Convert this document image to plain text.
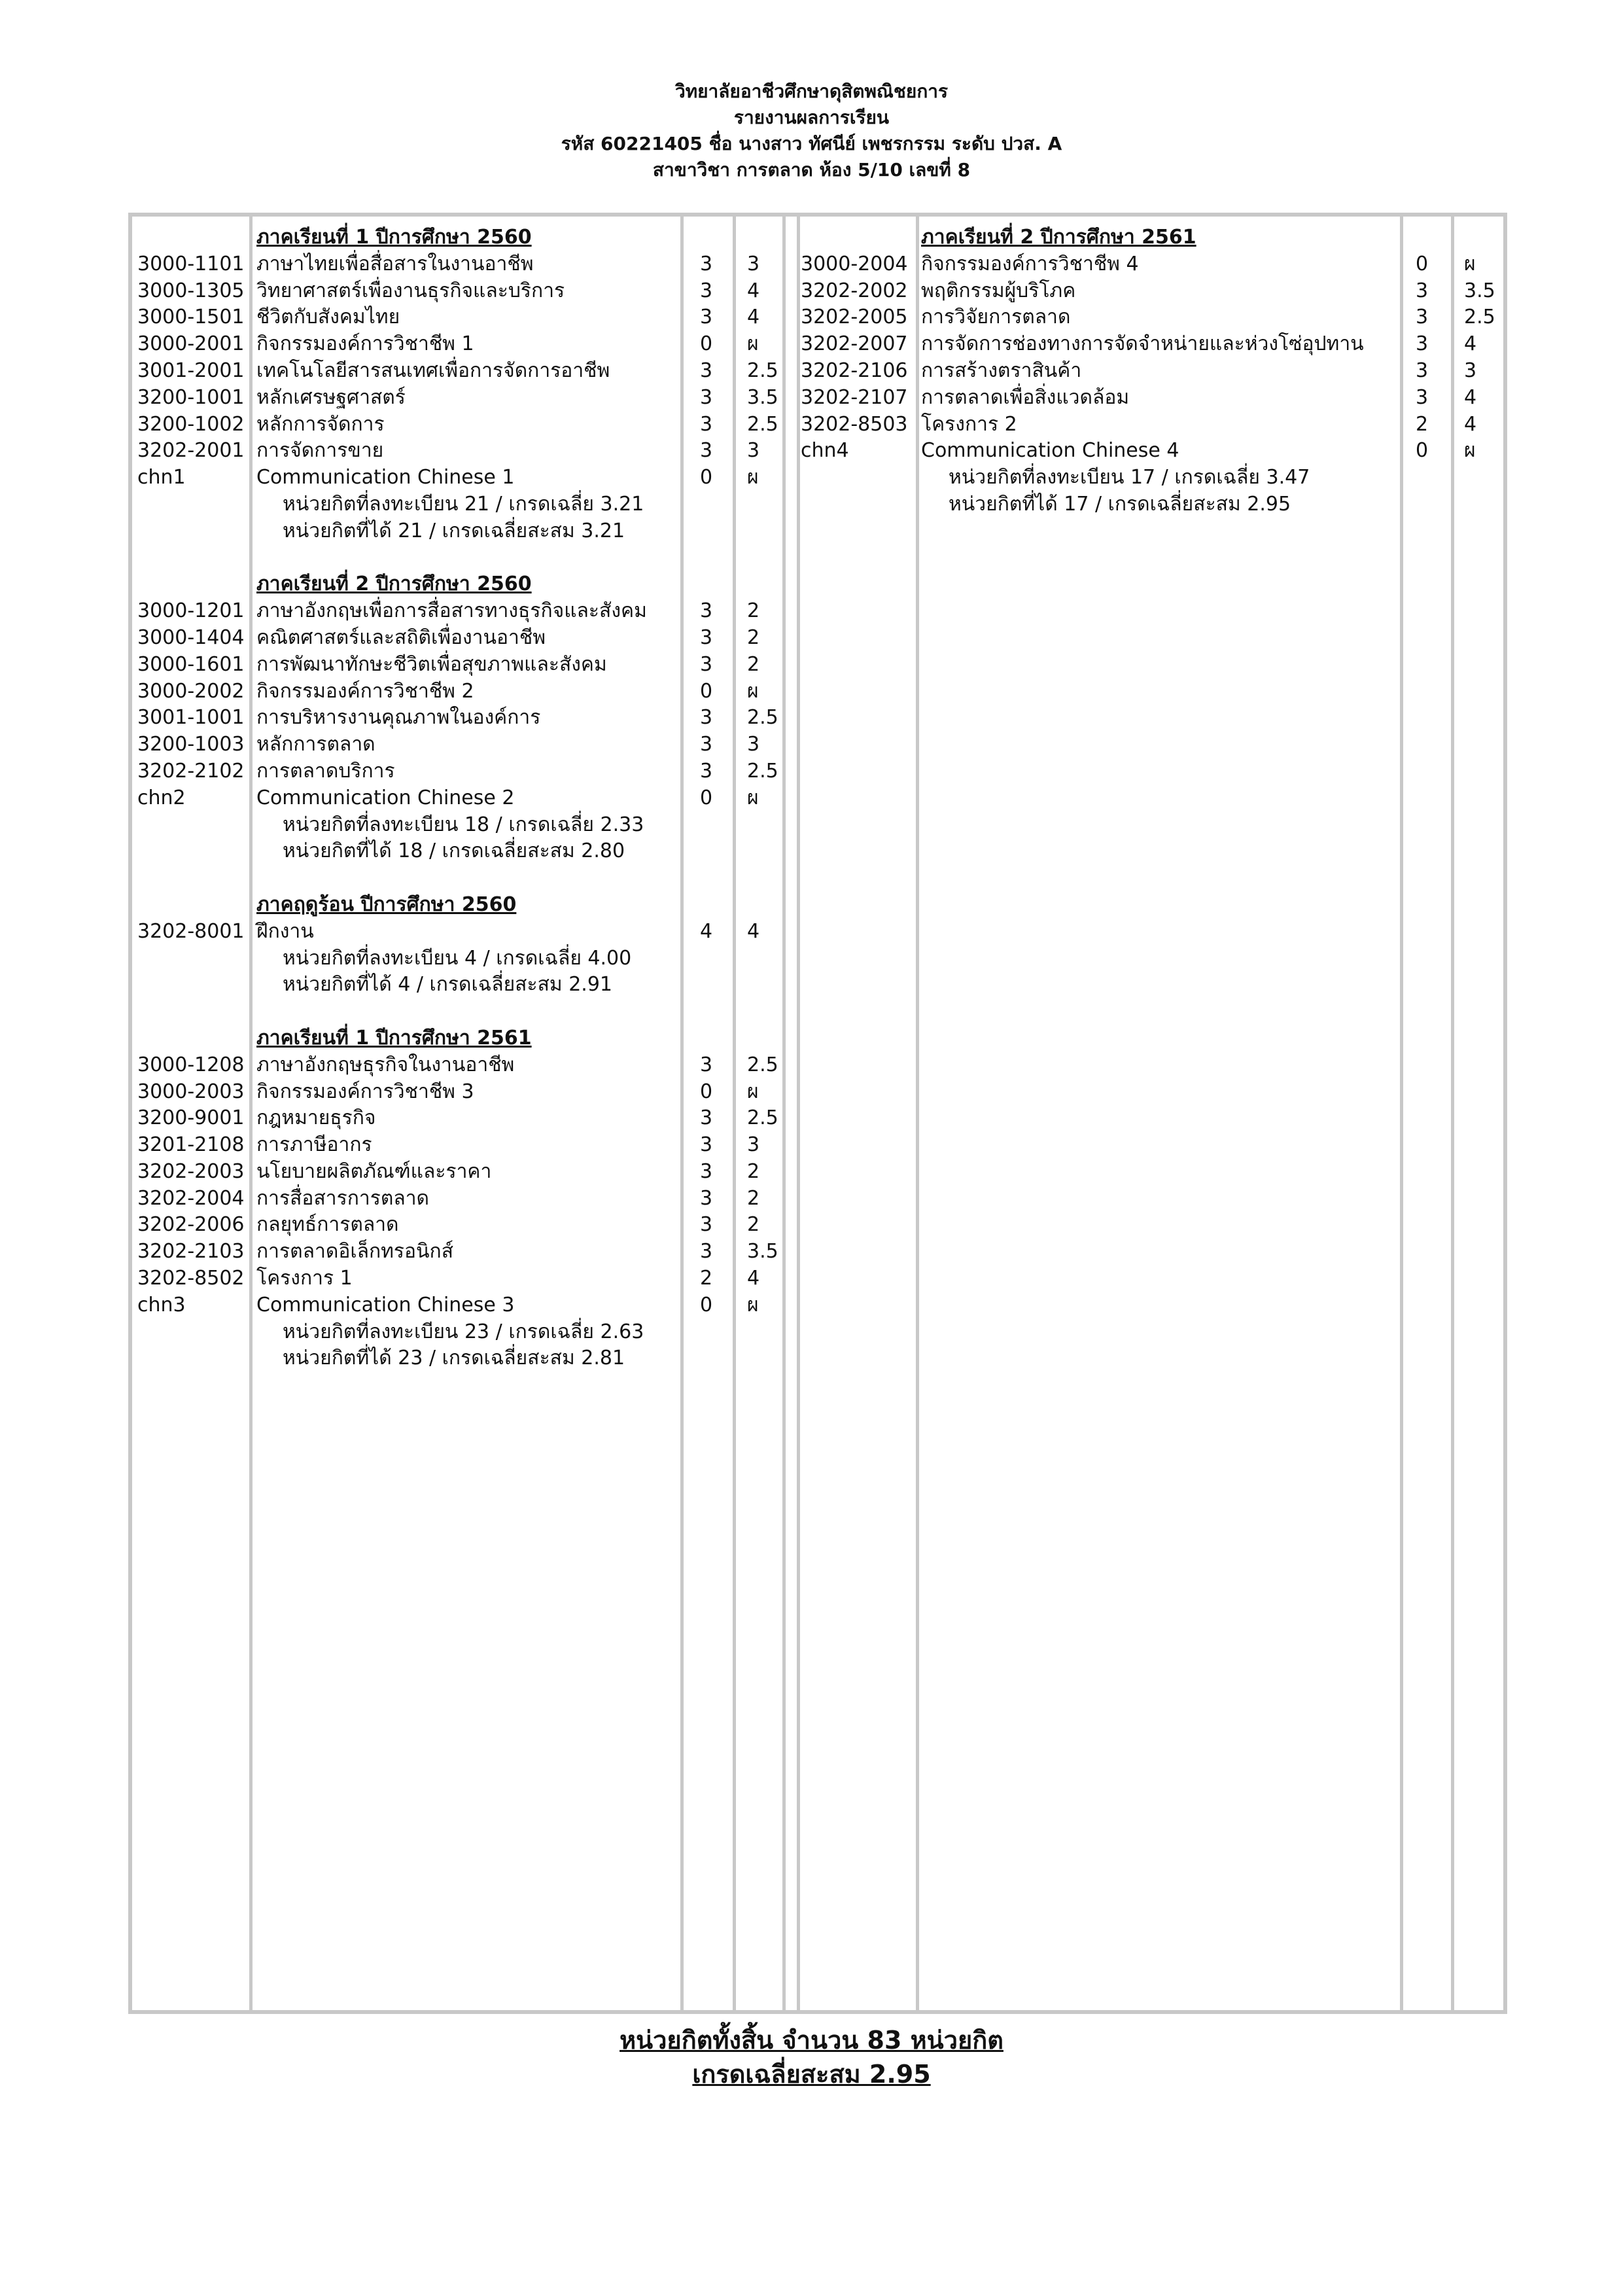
วิทยาลัยอาชีวศึกษาดุสิตพณิชยการ
รายงานผลการเรียน
รหัส 60221405 ชื่อ นางสาว ทัศนีย์ เพชรกรรม ระดับ ปวส. A
สาขาวิชา การตลาด ห้อง 5/10 เลขที่ 8
ภาคเรียนที่ 1 ปีการศึกษา 2560
3000-1101 ภาษาไทยเพื่อสื่อสารในงานอาชีพ	3 3
3000-1305 วิทยาศาสตร์เพื่องานธุรกิจและบริการ	3 4
3000-1501 ชีวิตกับสังคมไทย	3 4
3000-2001 กิจกรรมองค์การวิชาชีพ 1	0 ผ
3001-2001 เทคโนโลยีสารสนเทศเพื่อการจัดการอาชีพ	3 2.5
3200-1001 หลักเศรษฐศาสตร์	3 3.5
3200-1002 หลักการจัดการ	3 2.5
3202-2001 การจัดการขาย	3 3
chn1	Communication Chinese 1	0 ผ
หน่วยกิตที่ลงทะเบียน 21 / เกรดเฉลี่ย 3.21
หน่วยกิตที่ได้ 21 / เกรดเฉลี่ยสะสม 3.21
ภาคเรียนที่ 2 ปีการศึกษา 2560
3000-1201 ภาษาอังกฤษเพื่อการสื่อสารทางธุรกิจและสังคม	3 2
3000-1404 คณิตศาสตร์และสถิติเพื่องานอาชีพ	3 2
3000-1601 การพัฒนาทักษะชีวิตเพื่อสุขภาพและสังคม	3 2
3000-2002 กิจกรรมองค์การวิชาชีพ 2	0 ผ
3001-1001 การบริหารงานคุณภาพในองค์การ	3 2.5
3200-1003 หลักการตลาด	3 3
3202-2102 การตลาดบริการ	3 2.5
chn2	Communication Chinese 2	0 ผ
หน่วยกิตที่ลงทะเบียน 18 / เกรดเฉลี่ย 2.33
หน่วยกิตที่ได้ 18 / เกรดเฉลี่ยสะสม 2.80
ภาคฤดูร้อน ปีการศึกษา 2560
3202-8001 ฝึกงาน	4 4
หน่วยกิตที่ลงทะเบียน 4 / เกรดเฉลี่ย 4.00
หน่วยกิตที่ได้ 4 / เกรดเฉลี่ยสะสม 2.91
ภาคเรียนที่ 1 ปีการศึกษา 2561
3000-1208 ภาษาอังกฤษธุรกิจในงานอาชีพ	3 2.5
3000-2003 กิจกรรมองค์การวิชาชีพ 3	0 ผ
3200-9001 กฎหมายธุรกิจ	3 2.5
3201-2108 การภาษีอากร	3 3
3202-2003 นโยบายผลิตภัณฑ์และราคา	3 2
3202-2004 การสื่อสารการตลาด	3 2
3202-2006 กลยุทธ์การตลาด	3 2
3202-2103 การตลาดอิเล็กทรอนิกส์	3 3.5
3202-8502 โครงการ 1	2 4
chn3	Communication Chinese 3	0 ผ
หน่วยกิตที่ลงทะเบียน 23 / เกรดเฉลี่ย 2.63
หน่วยกิตที่ได้ 23 / เกรดเฉลี่ยสะสม 2.81
ภาคเรียนที่ 2 ปีการศึกษา 2561
3000-2004 กิจกรรมองค์การวิชาชีพ 4	0 ผ
3202-2002 พฤติกรรมผู้บริโภค	3 3.5
3202-2005 การวิจัยการตลาด	3 2.5
3202-2007 การจัดการช่องทางการจัดจำหน่ายและห่วงโซ่อุปทาน	3 4
3202-2106 การสร้างตราสินค้า	3 3
3202-2107 การตลาดเพื่อสิ่งแวดล้อม	3 4
3202-8503 โครงการ 2	2 4
chn4	Communication Chinese 4	0 ผ
หน่วยกิตที่ลงทะเบียน 17 / เกรดเฉลี่ย 3.47
หน่วยกิตที่ได้ 17 / เกรดเฉลี่ยสะสม 2.95
หน่วยกิตทั้งสิ้น จำนวน 83 หน่วยกิต
เกรดเฉลี่ยสะสม 2.95
